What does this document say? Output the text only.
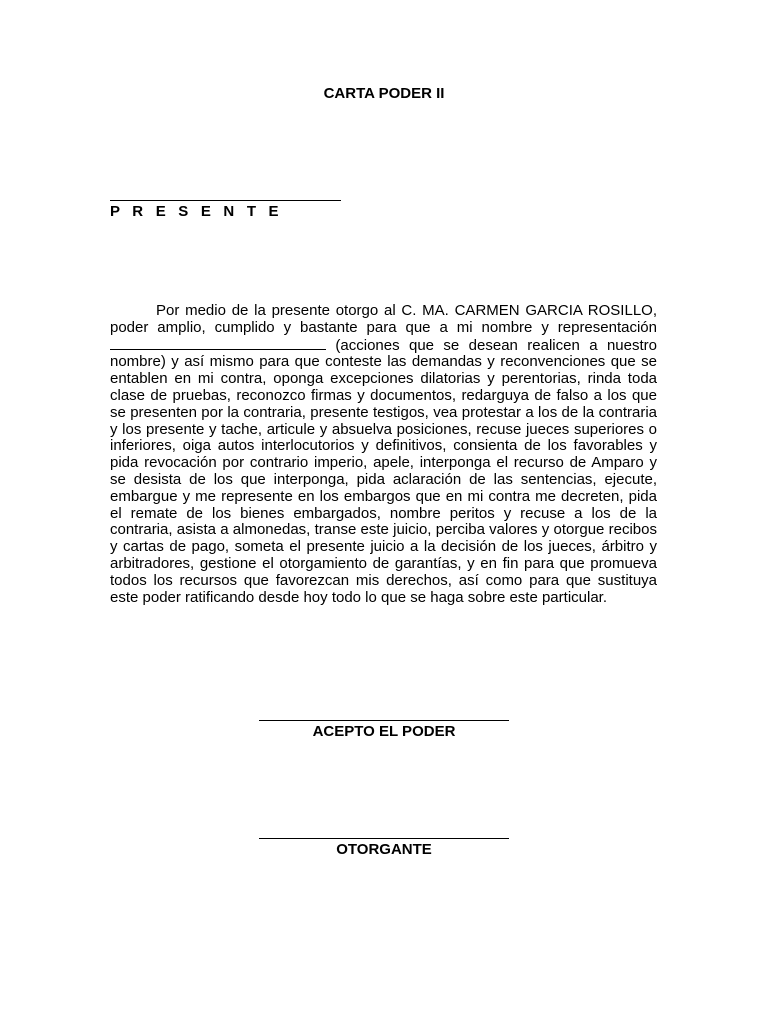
CARTA PODER II
P R E S E N T E

Por medio de la presente otorgo al C. MA. CARMEN GARCIA ROSILLO, poder amplio, cumplido y bastante para que a mi nombre y representación  (acciones que se desean realicen a nuestro nombre) y así mismo para que conteste las demandas y reconvenciones que se entablen en mi contra, oponga excepciones dilatorias y perentorias, rinda toda clase de pruebas, reconozco firmas y documentos, redarguya de falso a los que se presenten por la contraria, presente testigos, vea protestar a los de la contraria y los presente y tache, articule y absuelva posiciones, recuse jueces superiores o inferiores, oiga autos interlocutorios y definitivos, consienta de los favorables y pida revocación por contrario imperio, apele, interponga el recurso de Amparo y se desista de los que interponga, pida aclaración de las sentencias, ejecute, embargue y me represente en los embargos que en mi contra me decreten, pida el remate de los bienes embargados, nombre peritos y recuse a los de la contraria, asista a almonedas, transe este juicio, perciba valores y otorgue recibos y cartas de pago, someta el presente juicio a la decisión de los jueces, árbitro y arbitradores, gestione el otorgamiento de garantías, y en fin para que promueva todos los recursos que favorezcan mis derechos, así como para que sustituya este poder ratificando desde hoy todo lo que se haga sobre este particular.

ACEPTO EL PODER
OTORGANTE
